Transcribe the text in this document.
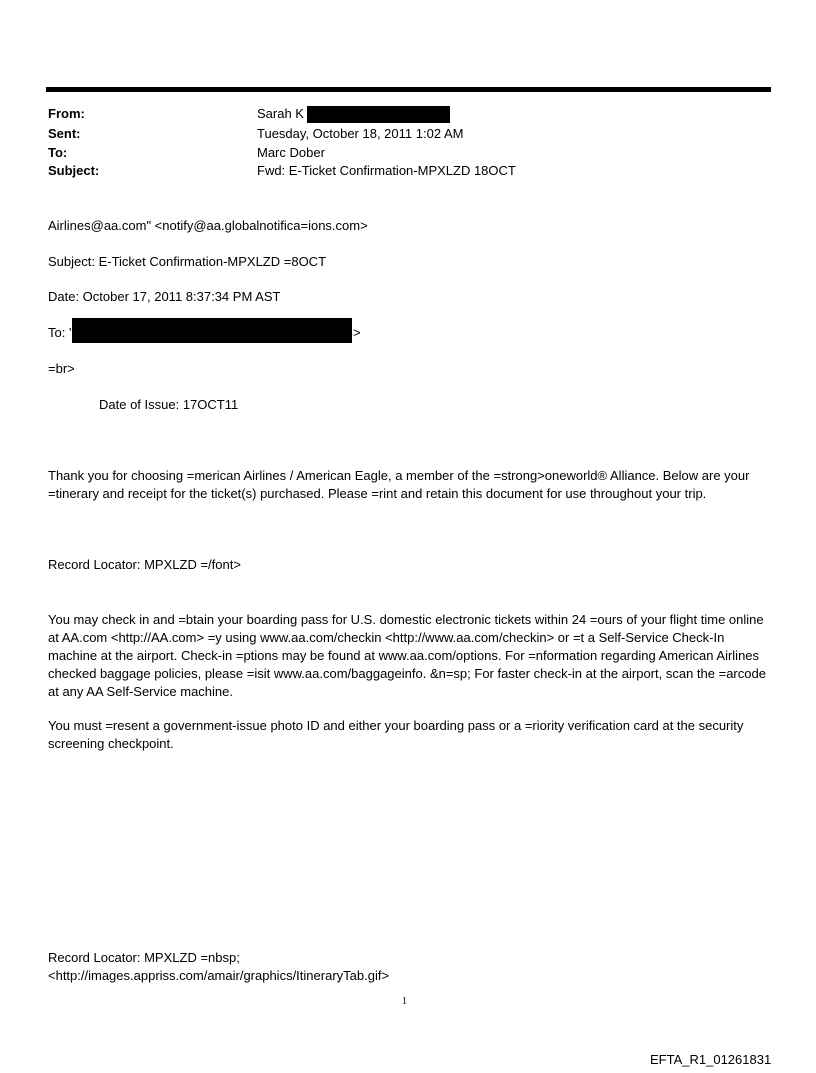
From:	Sarah K
Sent:	Tuesday, October 18, 2011 1:02 AM
To:	Marc Dober
Subject:	Fwd: E-Ticket Confirmation-MPXLZD 18OCT
Airlines@aa.com" <notify@aa.globalnotifica=ions.com>
Subject: E-Ticket Confirmation-MPXLZD =8OCT
Date: October 17, 2011 8:37:34 PM AST
To: '	>
=br>
Date of Issue: 17OCT11
Thank you for choosing =merican Airlines / American Eagle, a member of the =strong>oneworld® Alliance. Below are your =tinerary and receipt for the ticket(s) purchased. Please =rint and retain this document for use throughout your trip.
Record Locator: MPXLZD =/font>
You may check in and =btain your boarding pass for U.S. domestic electronic tickets within 24 =ours of your flight time online at AA.com <http://AA.com> =y using www.aa.com/checkin <http://www.aa.com/checkin> or =t a Self-Service Check-In machine at the airport. Check-in =ptions may be found at www.aa.com/options. For =nformation regarding American Airlines checked baggage policies, please =isit www.aa.com/baggageinfo. &n=sp; For faster check-in at the airport, scan the =arcode at any AA Self-Service machine.
You must =resent a government-issue photo ID and either your boarding pass or a =riority verification card at the security screening checkpoint.
Record Locator: MPXLZD =nbsp;
<http://images.appriss.com/amair/graphics/ItineraryTab.gif>
1
EFTA_R1_01261831
